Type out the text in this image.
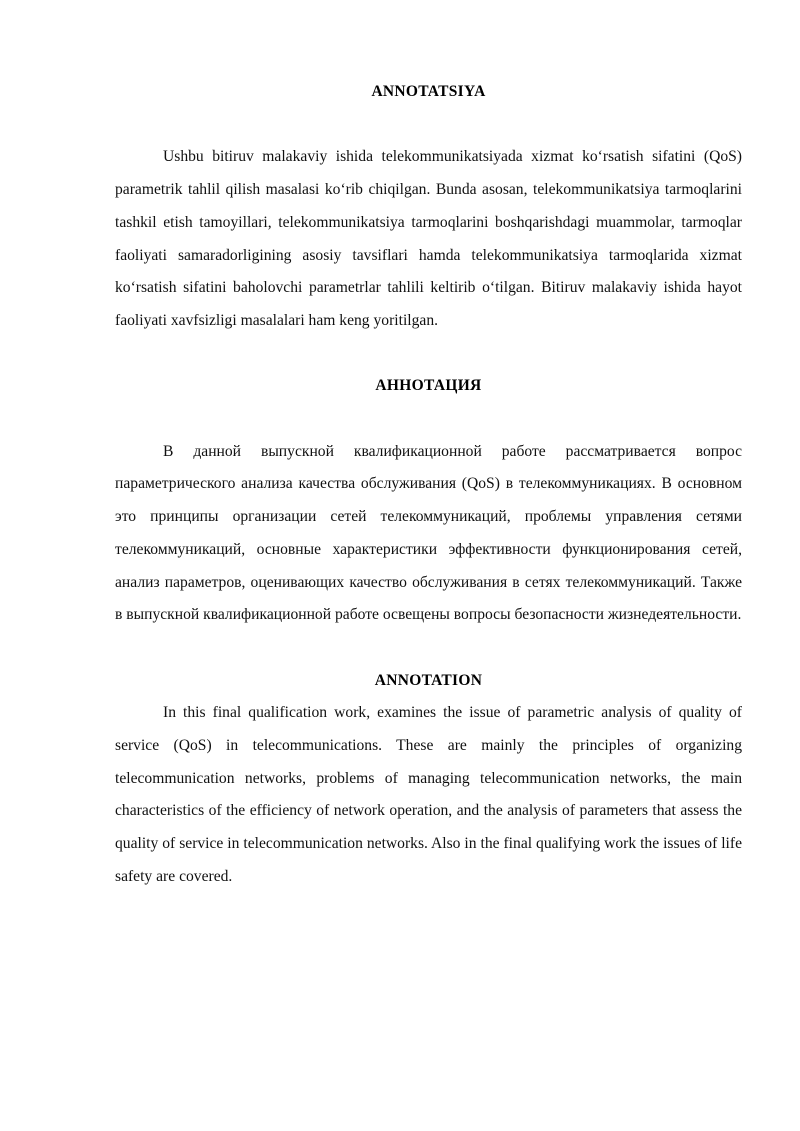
ANNOTATSIYA

Ushbu bitiruv malakaviy ishida telekommunikatsiyada xizmat ko‘rsatish sifatini (QoS) parametrik tahlil qilish masalasi ko‘rib chiqilgan. Bunda asosan, telekommunikatsiya tarmoqlarini tashkil etish tamoyillari, telekommunikatsiya tarmoqlarini boshqarishdagi muammolar, tarmoqlar faoliyati samaradorligining asosiy tavsiflari hamda telekommunikatsiya tarmoqlarida xizmat ko‘rsatish sifatini baholovchi parametrlar tahlili keltirib o‘tilgan. Bitiruv malakaviy ishida hayot faoliyati xavfsizligi masalalari ham keng yoritilgan.

АННОТАЦИЯ

В данной выпускной квалификационной работе рассматривается вопрос параметрического анализа качества обслуживания (QoS) в телекоммуникациях. В основном это принципы организации сетей телекоммуникаций, проблемы управления сетями телекоммуникаций, основные характеристики эффективности функционирования сетей, анализ параметров, оценивающих качество обслуживания в сетях телекоммуникаций. Также в выпускной квалификационной работе освещены вопросы безопасности жизнедеятельности.

ANNOTATION

In this final qualification work, examines the issue of parametric analysis of quality of service (QoS) in telecommunications. These are mainly the principles of organizing telecommunication networks, problems of managing telecommunication networks, the main characteristics of the efficiency of network operation, and the analysis of parameters that assess the quality of service in telecommunication networks. Also in the final qualifying work the issues of life safety are covered.
